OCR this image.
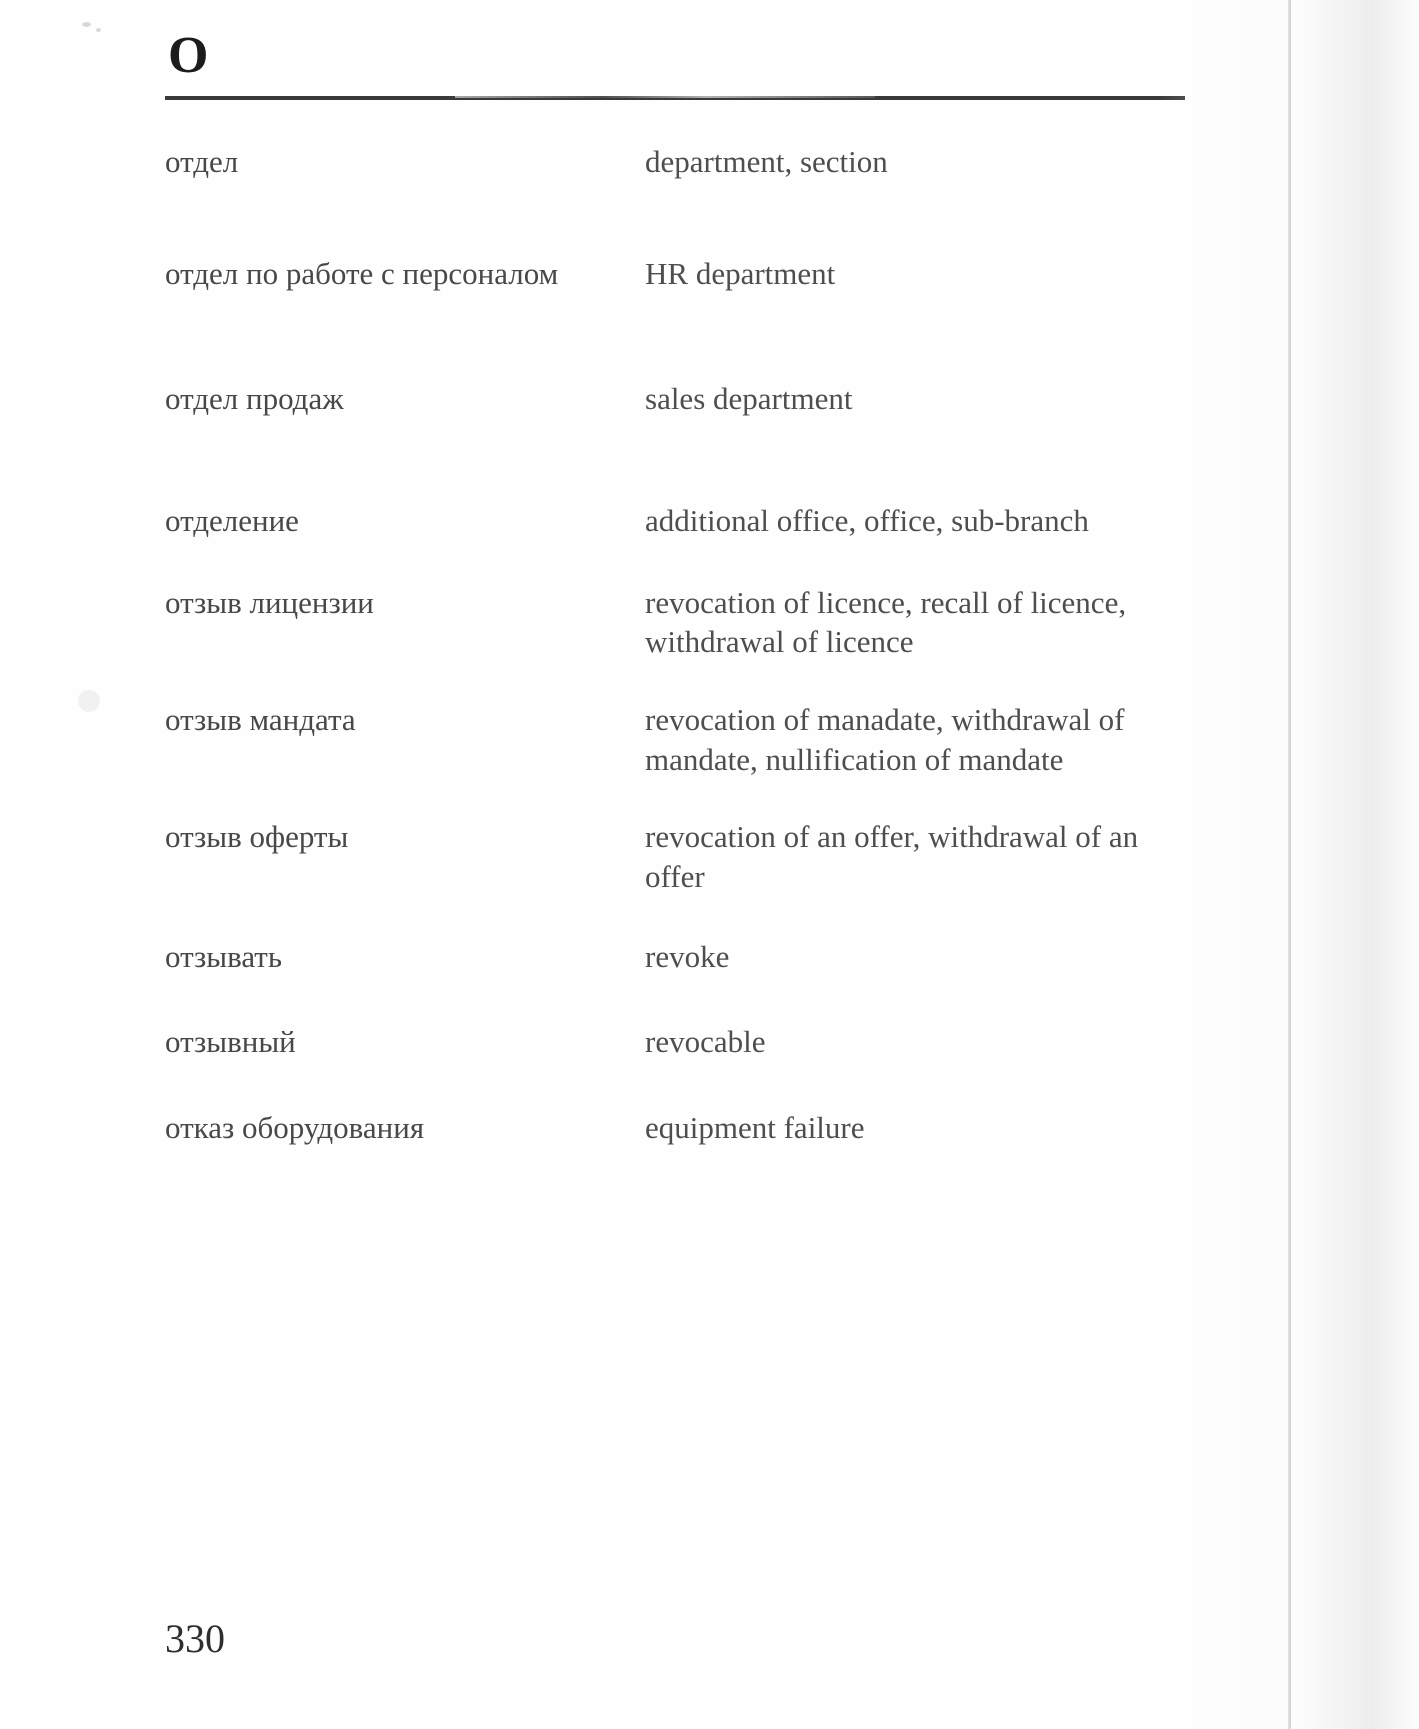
O
отдел	department, section
отдел по работе с персоналом	HR department
отдел продаж	sales department
отделение	additional office, office, sub-branch
отзыв лицензии	revocation of licence, recall of licence, withdrawal of licence
отзыв мандата	revocation of manadate, withdrawal of mandate, nullification of mandate
отзыв оферты	revocation of an offer, withdrawal of an offer
отзывать	revoke
отзывный	revocable
отказ оборудования	equipment failure
330
